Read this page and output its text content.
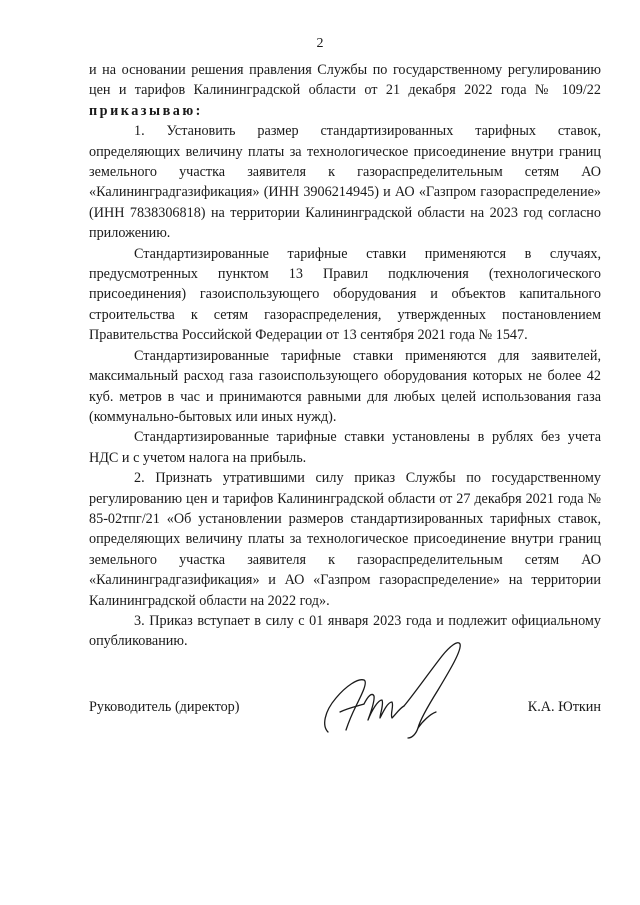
2

и на основании решения правления Службы по государственному регулированию цен и тарифов Калининградской области от 21 декабря 2022 года № 109/22 приказываю:

1. Установить размер стандартизированных тарифных ставок, определяющих величину платы за технологическое присоединение внутри границ земельного участка заявителя к газораспределительным сетям АО «Калининградгазификация» (ИНН 3906214945) и АО «Газпром газораспределение» (ИНН 7838306818) на территории Калининградской области на 2023 год согласно приложению.

Стандартизированные тарифные ставки применяются в случаях, предусмотренных пунктом 13 Правил подключения (технологического присоединения) газоиспользующего оборудования и объектов капитального строительства к сетям газораспределения, утвержденных постановлением Правительства Российской Федерации от 13 сентября 2021 года № 1547.

Стандартизированные тарифные ставки применяются для заявителей, максимальный расход газа газоиспользующего оборудования которых не более 42 куб. метров в час и принимаются равными для любых целей использования газа (коммунально-бытовых или иных нужд).

Стандартизированные тарифные ставки установлены в рублях без учета НДС и с учетом налога на прибыль.

2. Признать утратившими силу приказ Службы по государственному регулированию цен и тарифов Калининградской области от 27 декабря 2021 года № 85-02тпг/21 «Об установлении размеров стандартизированных тарифных ставок, определяющих величину платы за технологическое присоединение внутри границ земельного участка заявителя к газораспределительным сетям АО «Калининградгазификация» и АО «Газпром газораспределение» на территории Калининградской области на 2022 год».

3. Приказ вступает в силу с 01 января 2023 года и подлежит официальному опубликованию.

Руководитель (директор)	К.А. Юткин
